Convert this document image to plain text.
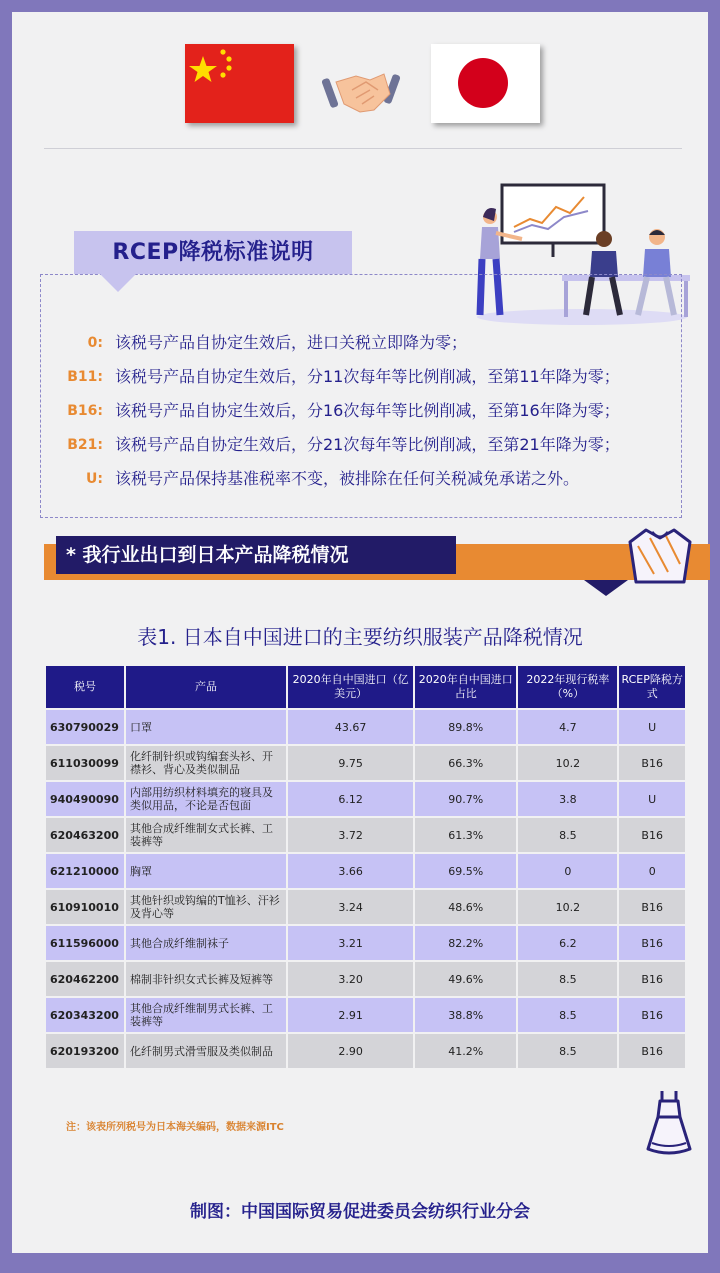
0: 该税号产品自协定生效后，进口关税立即降为零；
B11: 该税号产品自协定生效后，分11次每年等比例削减，至第11年降为零；
B16: 该税号产品自协定生效后，分16次每年等比例削减，至第16年降为零；
B21: 该税号产品自协定生效后，分21次每年等比例削减，至第21年降为零；
U: 该税号产品保持基准税率不变，被排除在任何关税减免承诺之外。
RCEP降税标准说明
* 我行业出口到日本产品降税情况
表1. 日本自中国进口的主要纺织服装产品降税情况
税号	产品	2020年自中国进口（亿美元）	2020年自中国进口占比	2022年现行税率（%）	RCEP降税方式
630790029	口罩	43.67	89.8%	4.7	U
611030099	化纤制针织或钩编套头衫、开襟衫、背心及类似制品	9.75	66.3%	10.2	B16
940490090	内部用纺织材料填充的寝具及类似用品，不论是否包面	6.12	90.7%	3.8	U
620463200	其他合成纤维制女式长裤、工装裤等	3.72	61.3%	8.5	B16
621210000	胸罩	3.66	69.5%	0	0
610910010	其他针织或钩编的T恤衫、汗衫及背心等	3.24	48.6%	10.2	B16
611596000	其他合成纤维制袜子	3.21	82.2%	6.2	B16
620462200	棉制非针织女式长裤及短裤等	3.20	49.6%	8.5	B16
620343200	其他合成纤维制男式长裤、工装裤等	2.91	38.8%	8.5	B16
620193200	化纤制男式滑雪服及类似制品	2.90	41.2%	8.5	B16
注：该表所列税号为日本海关编码，数据来源ITC
制图：中国国际贸易促进委员会纺织行业分会
